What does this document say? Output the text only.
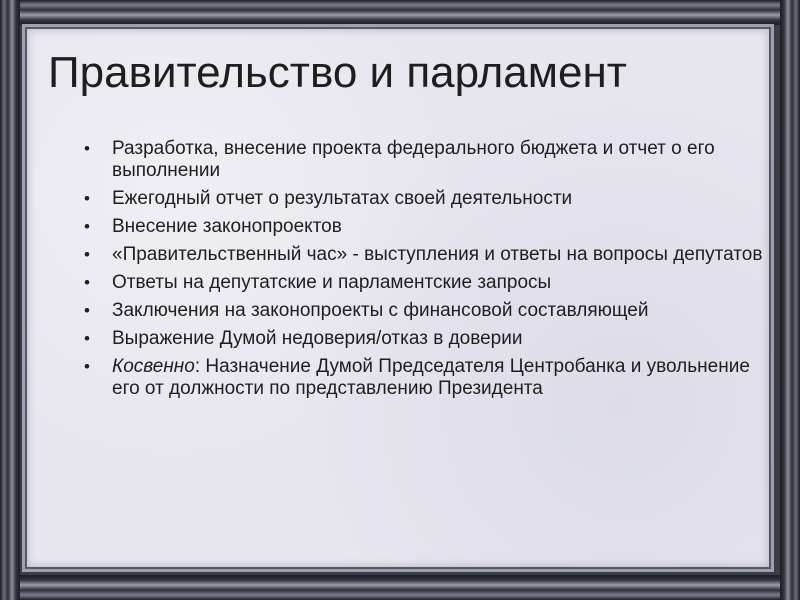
Правительство и парламент
• Разработка, внесение проекта федерального бюджета и отчет о его выполнении
• Ежегодный отчет о результатах своей деятельности
• Внесение законопроектов
• «Правительственный час» - выступления и ответы на вопросы депутатов
• Ответы на депутатские и парламентские запросы
• Заключения на законопроекты с финансовой составляющей
• Выражение Думой недоверия/отказ в доверии
• Косвенно: Назначение Думой Председателя Центробанка и увольнение его от должности по представлению Президента
